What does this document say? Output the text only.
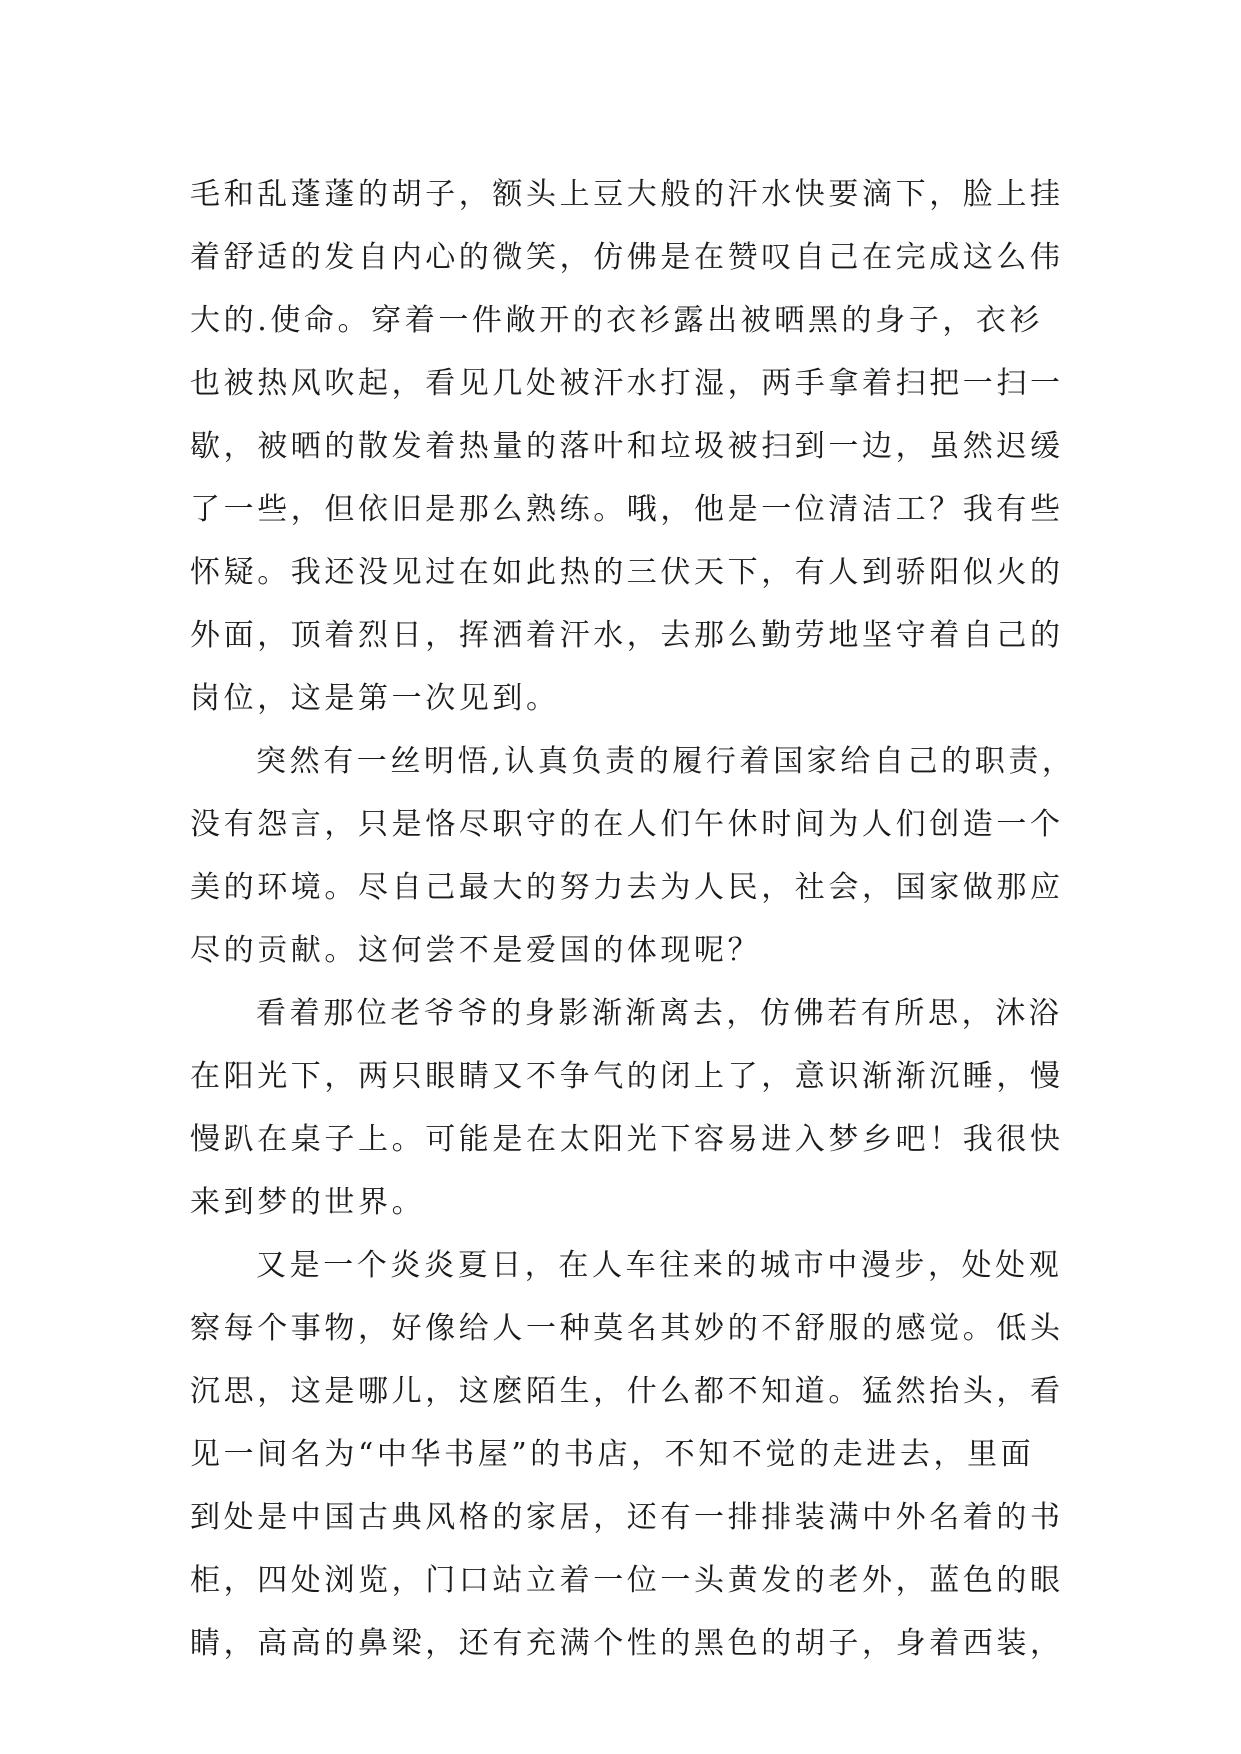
毛和乱蓬蓬的胡子，额头上豆大般的汗水快要滴下，脸上挂
着舒适的发自内心的微笑，仿佛是在赞叹自己在完成这么伟
大的.使命。穿着一件敞开的衣衫露出被晒黑的身子，衣衫
也被热风吹起，看见几处被汗水打湿，两手拿着扫把一扫一
歇，被晒的散发着热量的落叶和垃圾被扫到一边，虽然迟缓
了一些，但依旧是那么熟练。哦，他是一位清洁工？我有些
怀疑。我还没见过在如此热的三伏天下，有人到骄阳似火的
外面，顶着烈日，挥洒着汗水，去那么勤劳地坚守着自己的
岗位，这是第一次见到。
突然有一丝明悟,认真负责的履行着国家给自己的职责，
没有怨言，只是恪尽职守的在人们午休时间为人们创造一个
美的环境。尽自己最大的努力去为人民，社会，国家做那应
尽的贡献。这何尝不是爱国的体现呢？
看着那位老爷爷的身影渐渐离去，仿佛若有所思，沐浴
在阳光下，两只眼睛又不争气的闭上了，意识渐渐沉睡，慢
慢趴在桌子上。可能是在太阳光下容易进入梦乡吧！我很快
来到梦的世界。
又是一个炎炎夏日，在人车往来的城市中漫步，处处观
察每个事物，好像给人一种莫名其妙的不舒服的感觉。低头
沉思，这是哪儿，这麽陌生，什么都不知道。猛然抬头，看
见一间名为“中华书屋”的书店，不知不觉的走进去，里面
到处是中国古典风格的家居，还有一排排装满中外名着的书
柜，四处浏览，门口站立着一位一头黄发的老外，蓝色的眼
睛，高高的鼻梁，还有充满个性的黑色的胡子，身着西装，
